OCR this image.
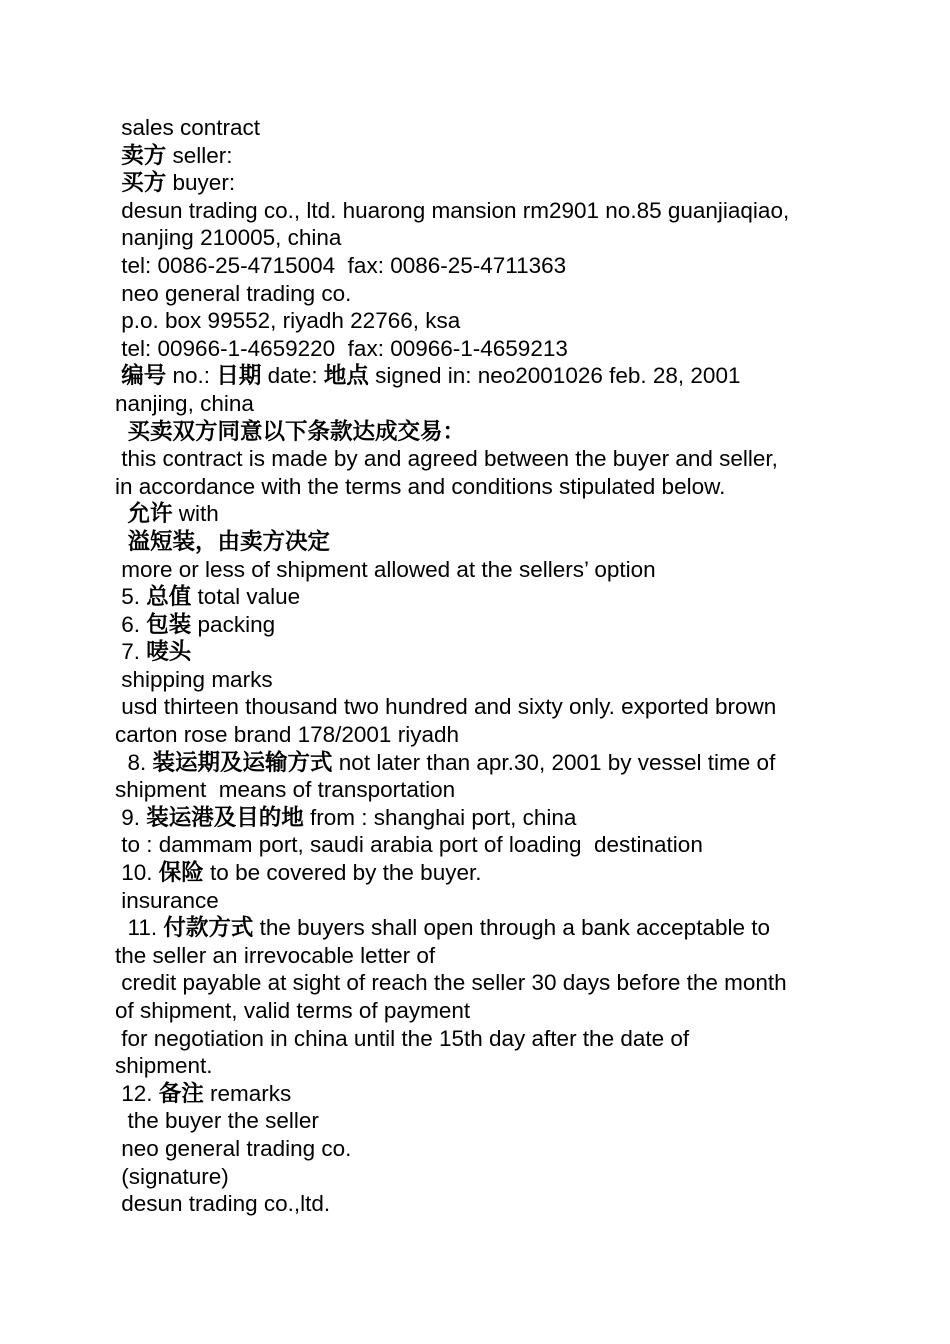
sales contract
卖方 seller:
买方 buyer:
desun trading co., ltd. huarong mansion rm2901 no.85 guanjiaqiao,
nanjing 210005, china
tel: 0086-25-4715004  fax: 0086-25-4711363
neo general trading co.
p.o. box 99552, riyadh 22766, ksa
tel: 00966-1-4659220  fax: 00966-1-4659213
编号 no.: 日期 date: 地点 signed in: neo2001026 feb. 28, 2001
nanjing, china
买卖双方同意以下条款达成交易：
this contract is made by and agreed between the buyer and seller,
in accordance with the terms and conditions stipulated below.
允许 with
溢短装，由卖方决定
more or less of shipment allowed at the sellers’ option
5. 总值 total value
6. 包装 packing
7. 唛头
shipping marks
usd thirteen thousand two hundred and sixty only. exported brown
carton rose brand 178/2001 riyadh
8. 装运期及运输方式 not later than apr.30, 2001 by vessel time of
shipment  means of transportation
9. 装运港及目的地 from : shanghai port, china
to : dammam port, saudi arabia port of loading  destination
10. 保险 to be covered by the buyer.
insurance
11. 付款方式 the buyers shall open through a bank acceptable to
the seller an irrevocable letter of
credit payable at sight of reach the seller 30 days before the month
of shipment, valid terms of payment
for negotiation in china until the 15th day after the date of
shipment.
12. 备注 remarks
the buyer the seller
neo general trading co.
(signature)
desun trading co.,ltd.
